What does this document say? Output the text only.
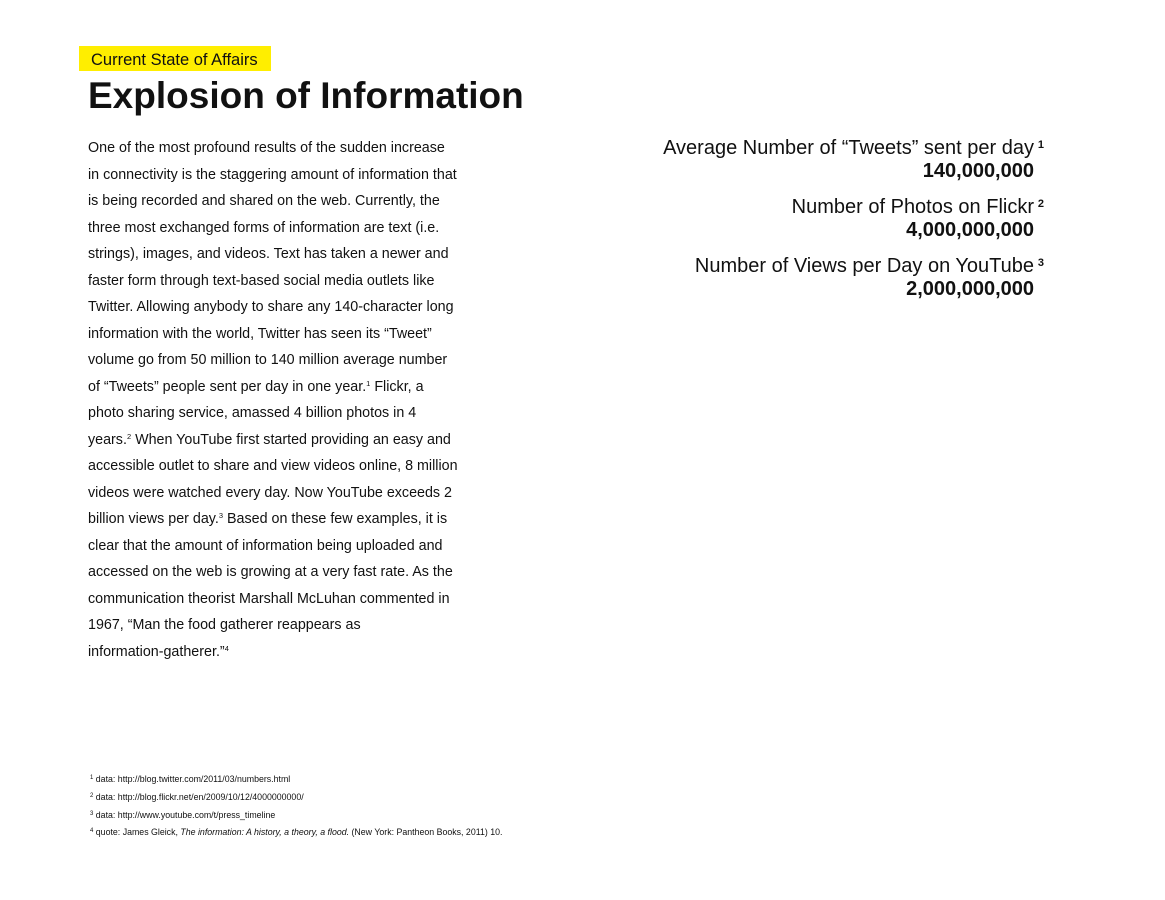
Current State of Affairs
Explosion of Information
One of the most profound results of the sudden increase
in connectivity is the staggering amount of information that
is being recorded and shared on the web. Currently, the
three most exchanged forms of information are text (i.e.
strings), images, and videos. Text has taken a newer and
faster form through text-based social media outlets like
Twitter. Allowing anybody to share any 140-character long
information with the world, Twitter has seen its “Tweet”
volume go from 50 million to 140 million average number
of “Tweets” people sent per day in one year.$^1$ Flickr, a
photo sharing service, amassed 4 billion photos in 4
years.$^2$ When YouTube first started providing an easy and
accessible outlet to share and view videos online, 8 million
videos were watched every day. Now YouTube exceeds 2
billion views per day.$^3$ Based on these few examples, it is
clear that the amount of information being uploaded and
accessed on the web is growing at a very fast rate. As the
communication theorist Marshall McLuhan commented in
1967, “Man the food gatherer reappears as
information-gatherer.”$^4$
Average Number of “Tweets” sent per day 1
140,000,000
Number of Photos on Flickr 2
4,000,000,000
Number of Views per Day on YouTube 3
2,000,000,000
$^1$ data: http://blog.twitter.com/2011/03/numbers.html
$^2$ data: http://blog.flickr.net/en/2009/10/12/4000000000/
$^3$ data: http://www.youtube.com/t/press_timeline
$^4$ quote: James Gleick, The information: A history, a theory, a flood. (New York: Pantheon Books, 2011) 10.
